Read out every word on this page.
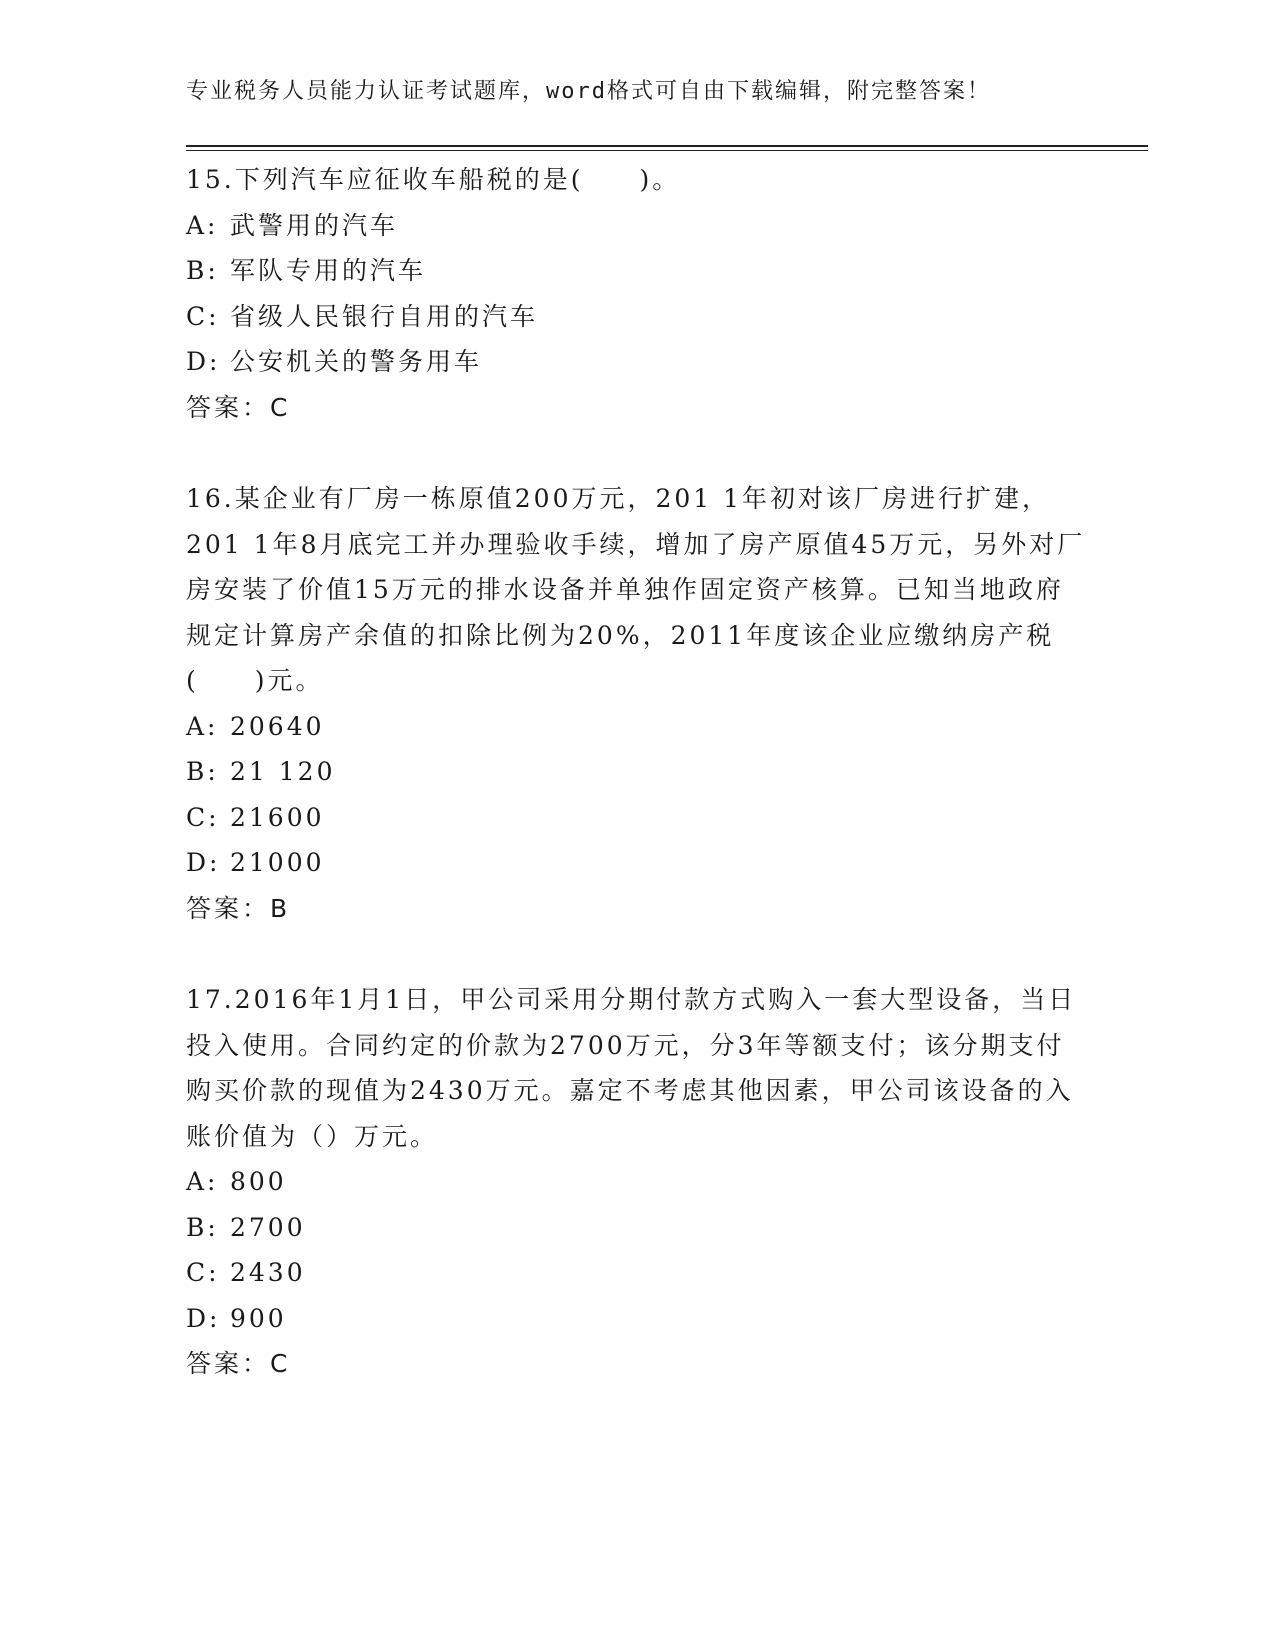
专业税务人员能力认证考试题库，word格式可自由下载编辑，附完整答案！

15.下列汽车应征收车船税的是(　　)。

A: 武警用的汽车

B: 军队专用的汽车

C: 省级人民银行自用的汽车

D: 公安机关的警务用车

答案：C

16.某企业有厂房一栋原值200万元，201 1年初对该厂房进行扩建，201 1年8月底完工并办理验收手续，增加了房产原值45万元，另外对厂房安装了价值15万元的排水设备并单独作固定资产核算。已知当地政府规定计算房产余值的扣除比例为20%，2011年度该企业应缴纳房产税(　　)元。

A: 20640

B: 21 120

C: 21600

D: 21000

答案：B

17.2016年1月1日，甲公司采用分期付款方式购入一套大型设备，当日投入使用。合同约定的价款为2700万元，分3年等额支付；该分期支付购买价款的现值为2430万元。嘉定不考虑其他因素，甲公司该设备的入账价值为（）万元。

A: 800

B: 2700

C: 2430

D: 900

答案：C
